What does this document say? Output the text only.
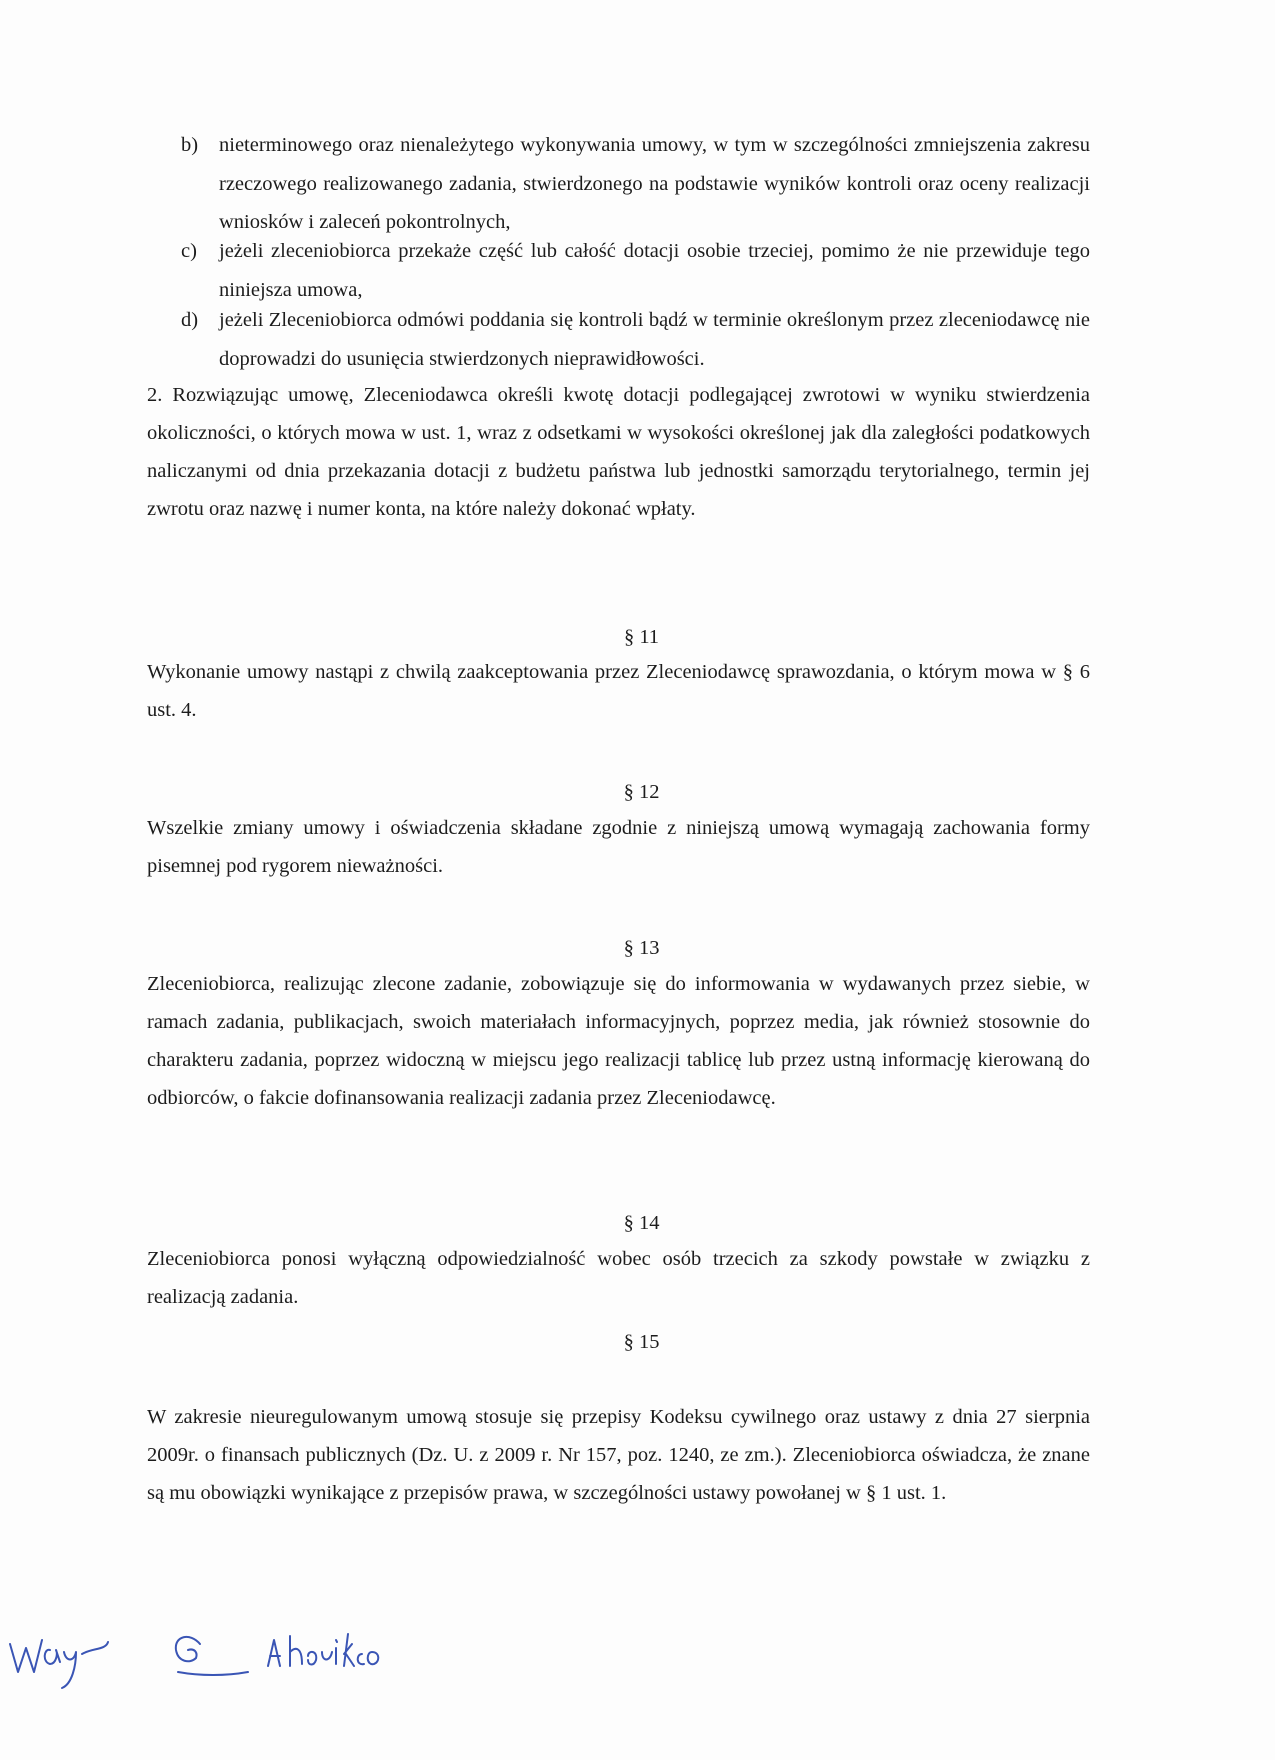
b) nieterminowego oraz nienależytego wykonywania umowy, w tym w szczególności zmniejszenia zakresu rzeczowego realizowanego zadania, stwierdzonego na podstawie wyników kontroli oraz oceny realizacji wniosków i zaleceń pokontrolnych,
c) jeżeli zleceniobiorca przekaże część lub całość dotacji osobie trzeciej, pomimo że nie przewiduje tego niniejsza umowa,
d) jeżeli Zleceniobiorca odmówi poddania się kontroli bądź w terminie określonym przez zleceniodawcę nie doprowadzi do usunięcia stwierdzonych nieprawidłowości.

2. Rozwiązując umowę, Zleceniodawca określi kwotę dotacji podlegającej zwrotowi w wyniku stwierdzenia okoliczności, o których mowa w ust. 1, wraz z odsetkami w wysokości określonej jak dla zaległości podatkowych naliczanymi od dnia przekazania dotacji z budżetu państwa lub jednostki samorządu terytorialnego, termin jej zwrotu oraz nazwę i numer konta, na które należy dokonać wpłaty.

§ 11

Wykonanie umowy nastąpi z chwilą zaakceptowania przez Zleceniodawcę sprawozdania, o którym mowa w § 6 ust. 4.

§ 12

Wszelkie zmiany umowy i oświadczenia składane zgodnie z niniejszą umową wymagają zachowania formy pisemnej pod rygorem nieważności.

§ 13

Zleceniobiorca, realizując zlecone zadanie, zobowiązuje się do informowania w wydawanych przez siebie, w ramach zadania, publikacjach, swoich materiałach informacyjnych, poprzez media, jak również stosownie do charakteru zadania, poprzez widoczną w miejscu jego realizacji tablicę lub przez ustną informację kierowaną do odbiorców, o fakcie dofinansowania realizacji zadania przez Zleceniodawcę.

§ 14

Zleceniobiorca ponosi wyłączną odpowiedzialność wobec osób trzecich za szkody powstałe w związku z realizacją zadania.

§ 15

W zakresie nieuregulowanym umową stosuje się przepisy Kodeksu cywilnego oraz ustawy z dnia 27 sierpnia 2009r. o finansach publicznych (Dz. U. z 2009 r. Nr 157, poz. 1240, ze zm.). Zleceniobiorca oświadcza, że znane są mu obowiązki wynikające z przepisów prawa, w szczególności ustawy powołanej w § 1 ust. 1.
